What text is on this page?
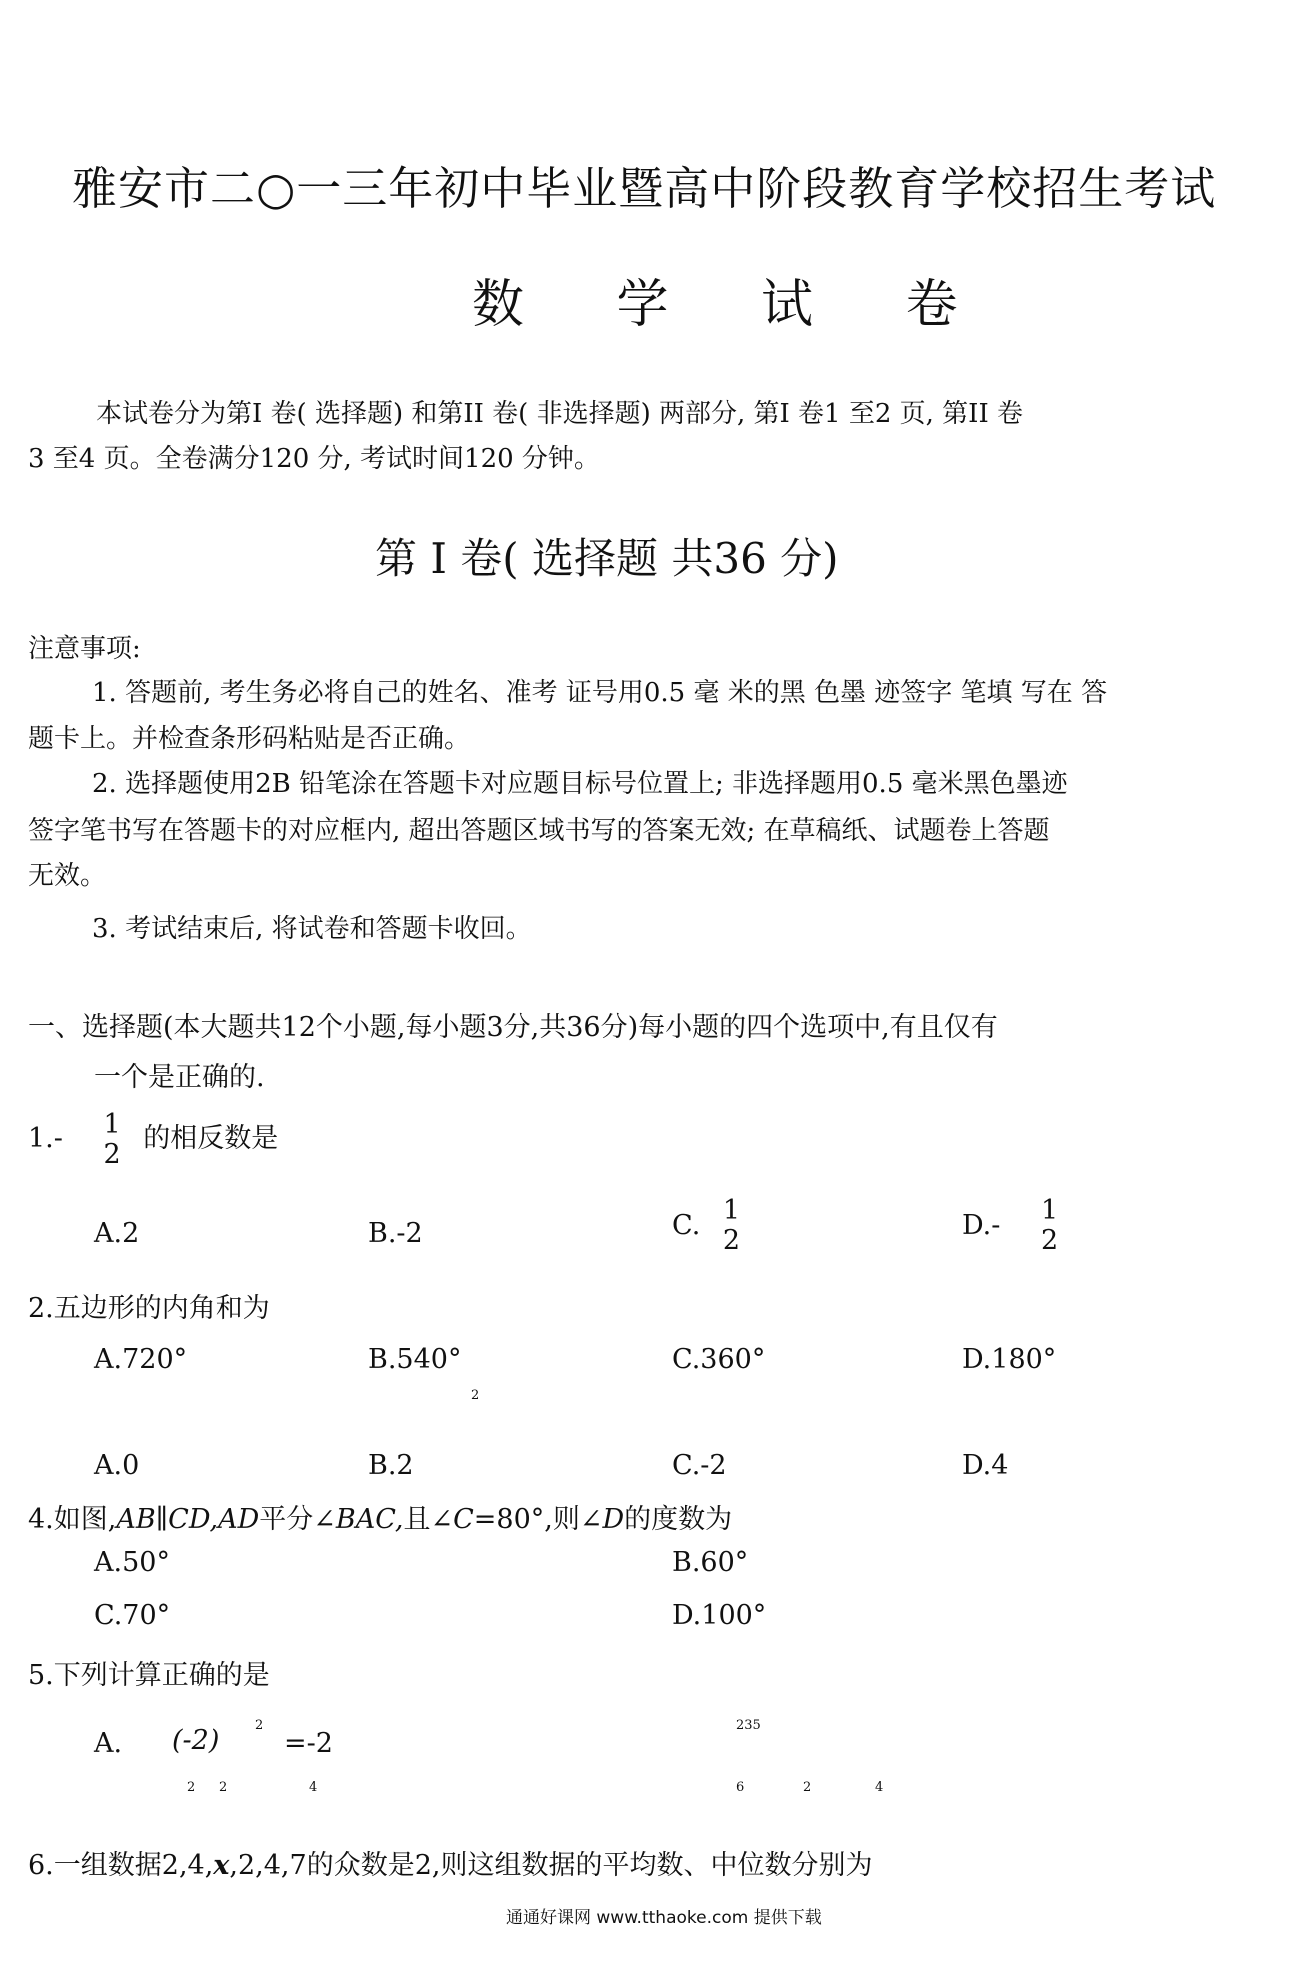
雅安市二○一三年初中毕业暨高中阶段教育学校招生考试
数 学 试 卷
本试卷分为第I 卷( 选择题) 和第II 卷( 非选择题) 两部分, 第I 卷1 至2 页, 第II 卷
3 至4 页。全卷满分120 分, 考试时间120 分钟。
第 I 卷( 选择题 共36 分)
注意事项:
1. 答题前, 考生务必将自己的姓名、准考 证号用0.5 毫 米的黑 色墨 迹签字 笔填 写在 答
题卡上。并检查条形码粘贴是否正确。
2. 选择题使用2B 铅笔涂在答题卡对应题目标号位置上; 非选择题用0.5 毫米黑色墨迹
签字笔书写在答题卡的对应框内, 超出答题区域书写的答案无效; 在草稿纸、试题卷上答题
无效。
3. 考试结束后, 将试卷和答题卡收回。
一、选择题(本大题共12个小题,每小题3分,共36分)每小题的四个选项中,有且仅有
一个是正确的.
1.- 1
2 的相反数是
A.2	B.-2	C. 1
2	D.- 1
2
2.五边形的内角和为
A.720°	B.540°	C.360°	D.180°
2
A.0	B.2	C.-2	D.4
4.如图,AB∥CD,AD平分∠BAC,且∠C=80°,则∠D的度数为
A.50°	B.60°
C.70°	D.100°
5.下列计算正确的是
A. (-2)	2
=-2
235
2 2	4	6	2	4
6.一组数据2,4,x,2,4,7的众数是2,则这组数据的平均数、中位数分别为
通通好课网 www.tthaoke.com 提供下载
